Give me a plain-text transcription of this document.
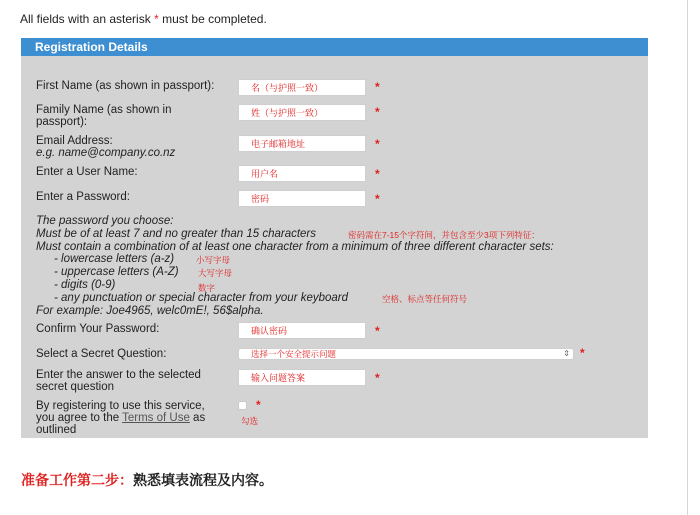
All fields with an asterisk * must be completed.
Registration Details
First Name (as shown in passport):	名（与护照一致）	*
Family Name (as shown in
passport):
姓（与护照一致）	*
Email Address:
e.g. name@company.co.nz
电子邮箱地址	*
Enter a User Name:	用户名	*
Enter a Password:	密码	*
The password you choose:
Must be of at least 7 and no greater than 15 characters	密码需在7-15个字符间，并包含至少3项下列特征：
Must contain a combination of at least one character from a minimum of three different character sets:
- lowercase letters (a-z)	小写字母
- uppercase letters (A-Z) 大写字母
- digits (0-9)	数字
- any punctuation or special character from your keyboard	空格、标点等任何符号
For example: Joe4965, welc0mE!, 56$alpha.
Confirm Your Password:	确认密码	*
Select a Secret Question:	选择一个安全提示问题	⇕ *
Enter the answer to the selected
secret question
输入问题答案	*
By registering to use this service,
you agree to the Terms of Use as
outlined
*
勾选
准备工作第二步：熟悉填表流程及内容。
